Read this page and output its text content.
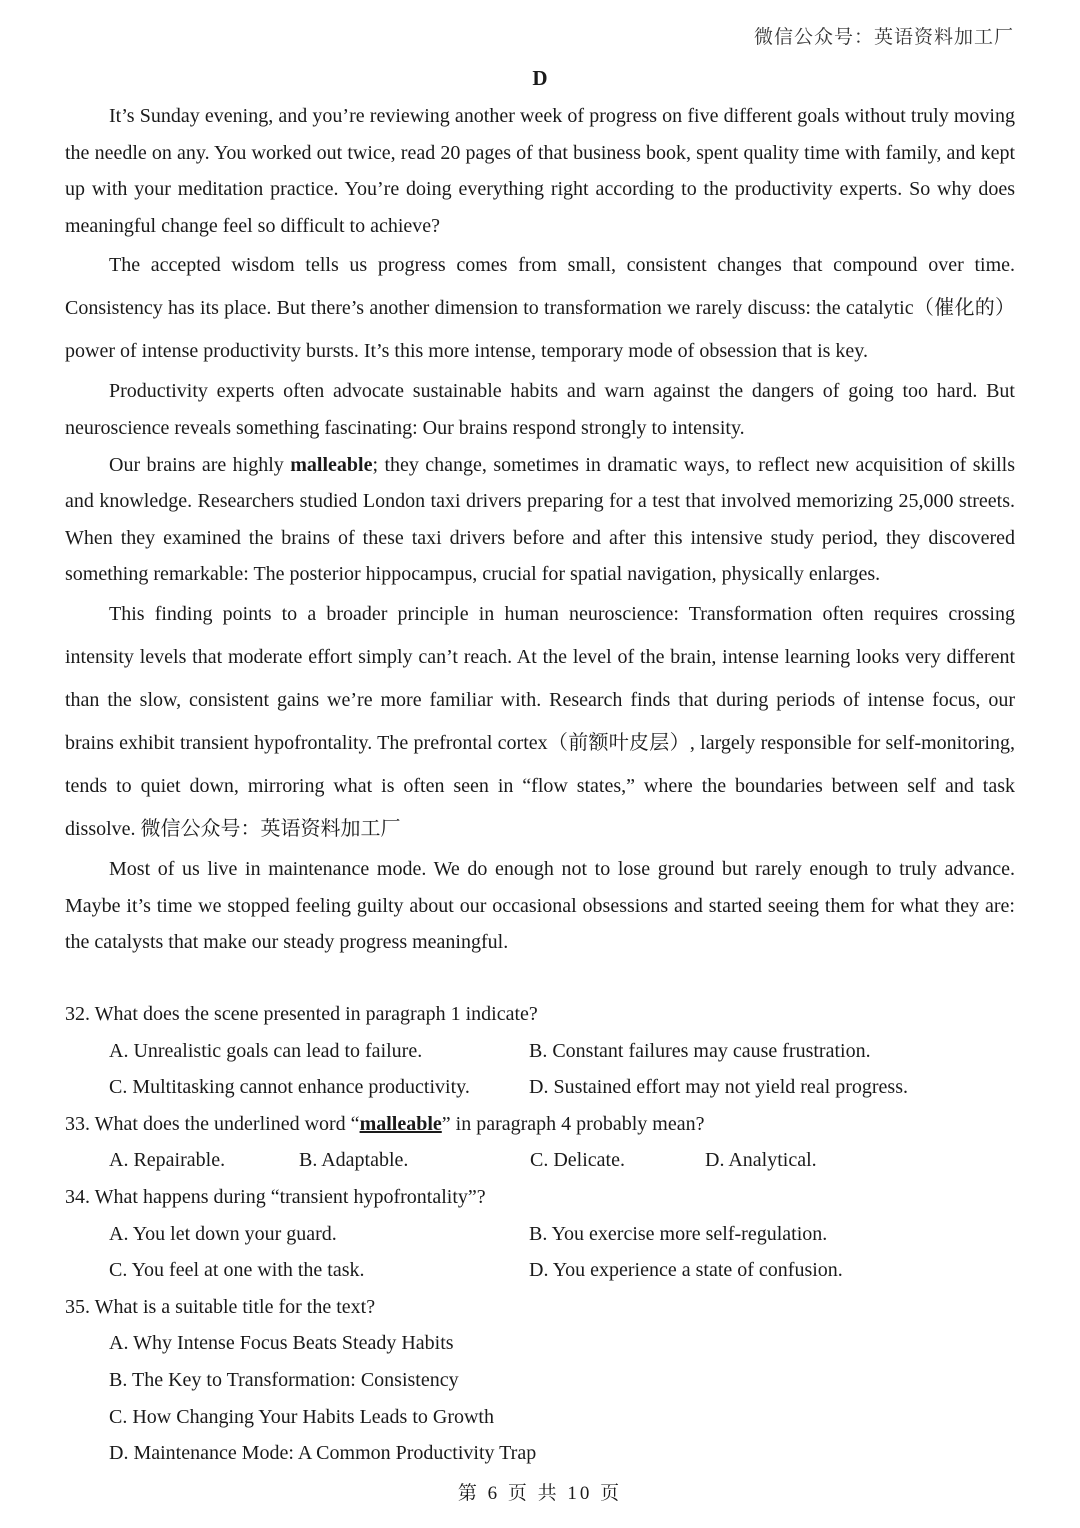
微信公众号：英语资料加工厂
D

It’s Sunday evening, and you’re reviewing another week of progress on five different goals without truly moving the needle on any. You worked out twice, read 20 pages of that business book, spent quality time with family, and kept up with your meditation practice. You’re doing everything right according to the productivity experts. So why does meaningful change feel so difficult to achieve?

The accepted wisdom tells us progress comes from small, consistent changes that compound over time. Consistency has its place. But there’s another dimension to transformation we rarely discuss: the catalytic（催化的）power of intense productivity bursts. It’s this more intense, temporary mode of obsession that is key.

Productivity experts often advocate sustainable habits and warn against the dangers of going too hard. But neuroscience reveals something fascinating: Our brains respond strongly to intensity.

Our brains are highly malleable; they change, sometimes in dramatic ways, to reflect new acquisition of skills and knowledge. Researchers studied London taxi drivers preparing for a test that involved memorizing 25,000 streets. When they examined the brains of these taxi drivers before and after this intensive study period, they discovered something remarkable: The posterior hippocampus, crucial for spatial navigation, physically enlarges.

This finding points to a broader principle in human neuroscience: Transformation often requires crossing intensity levels that moderate effort simply can’t reach. At the level of the brain, intense learning looks very different than the slow, consistent gains we’re more familiar with. Research finds that during periods of intense focus, our brains exhibit transient hypofrontality. The prefrontal cortex（前额叶皮层）, largely responsible for self-monitoring, tends to quiet down, mirroring what is often seen in “flow states,” where the boundaries between self and task dissolve. 微信公众号：英语资料加工厂

Most of us live in maintenance mode. We do enough not to lose ground but rarely enough to truly advance. Maybe it’s time we stopped feeling guilty about our occasional obsessions and started seeing them for what they are: the catalysts that make our steady progress meaningful.

32. What does the scene presented in paragraph 1 indicate?

A. Unrealistic goals can lead to failure.	B. Constant failures may cause frustration.
C. Multitasking cannot enhance productivity.	D. Sustained effort may not yield real progress.

33. What does the underlined word “malleable” in paragraph 4 probably mean?

A. Repairable.	B. Adaptable.	C. Delicate.	D. Analytical.

34. What happens during “transient hypofrontality”?

A. You let down your guard.	B. You exercise more self-regulation.
C. You feel at one with the task.	D. You experience a state of confusion.

35. What is a suitable title for the text?

A. Why Intense Focus Beats Steady Habits
B. The Key to Transformation: Consistency
C. How Changing Your Habits Leads to Growth
D. Maintenance Mode: A Common Productivity Trap
第 6 页 共 10 页
